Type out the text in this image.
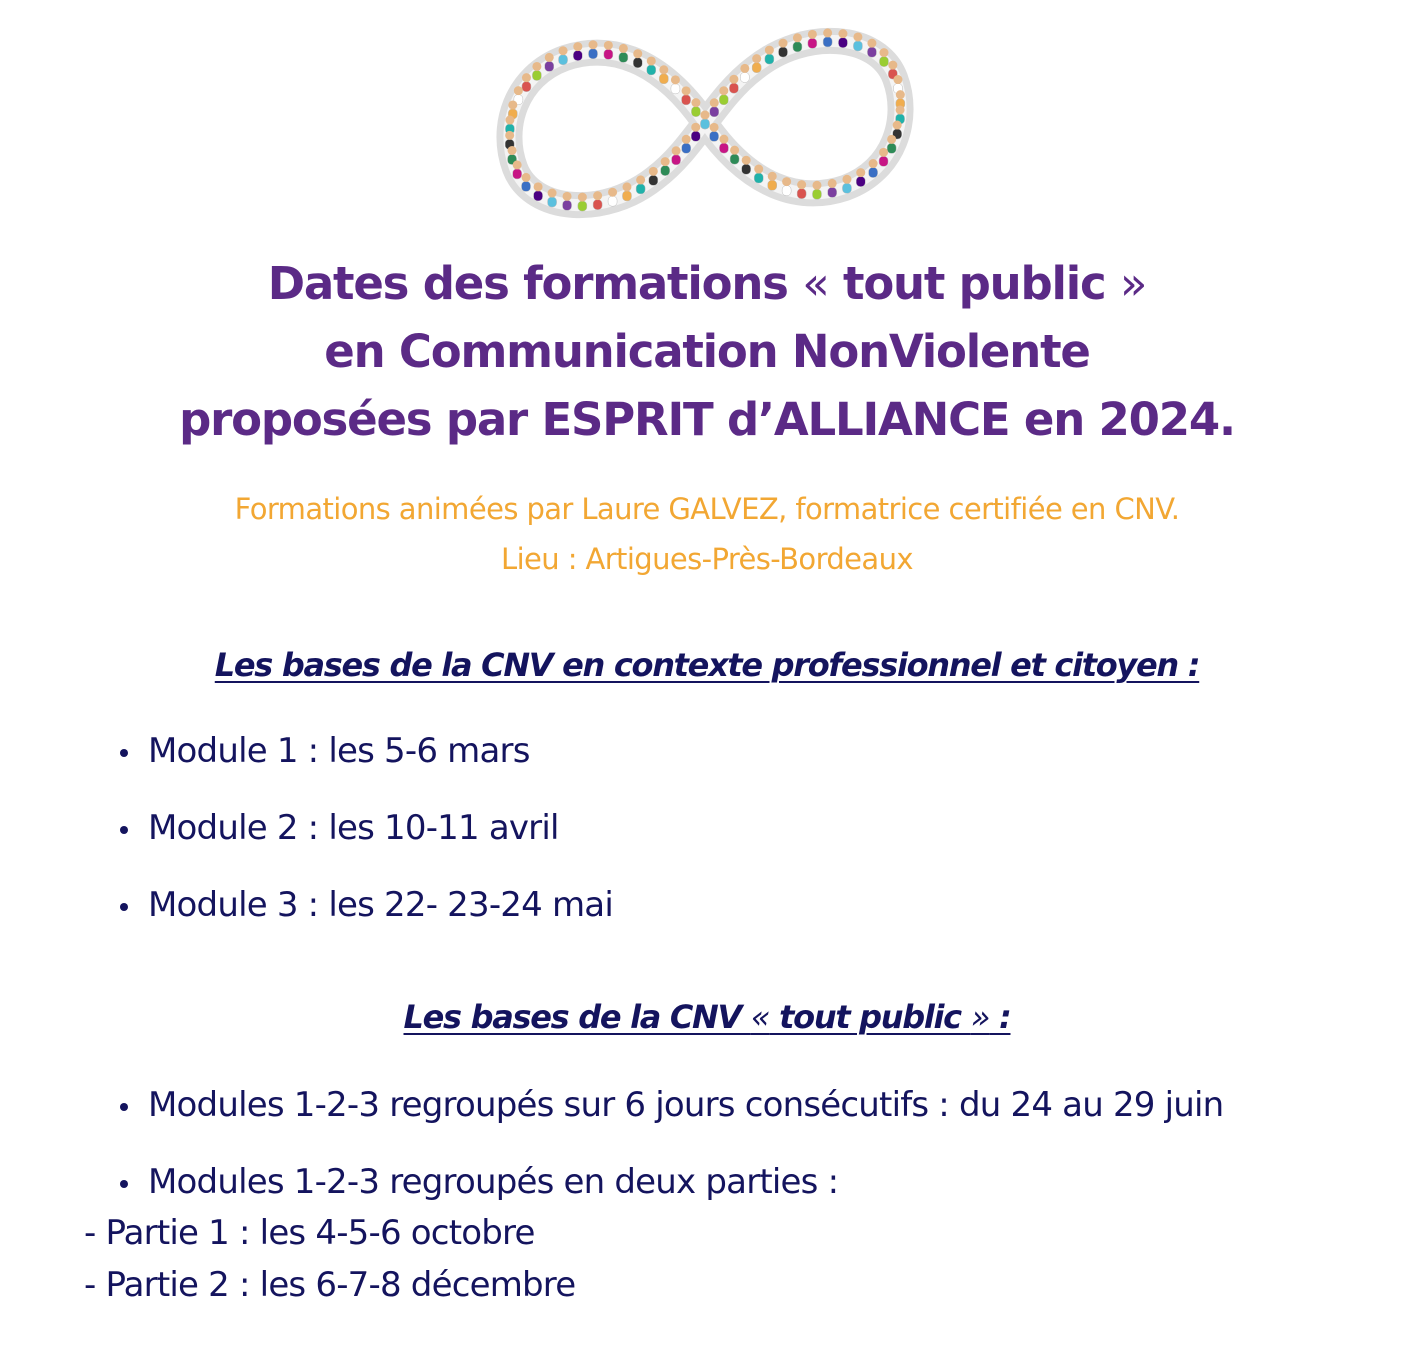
Dates des formations « tout public »
en Communication NonViolente
proposées par ESPRIT d’ALLIANCE en 2024.
Formations animées par Laure GALVEZ, formatrice certifiée en CNV.
Lieu : Artigues-Près-Bordeaux
Les bases de la CNV en contexte professionnel et citoyen :
Module 1 : les 5-6 mars
Module 2 : les 10-11 avril
Module 3 : les 22- 23-24 mai
Les bases de la CNV « tout public » :
Modules 1-2-3 regroupés sur 6 jours consécutifs : du 24 au 29 juin
Modules 1-2-3 regroupés en deux parties :
- Partie 1 : les 4-5-6 octobre
- Partie 2 : les 6-7-8 décembre
